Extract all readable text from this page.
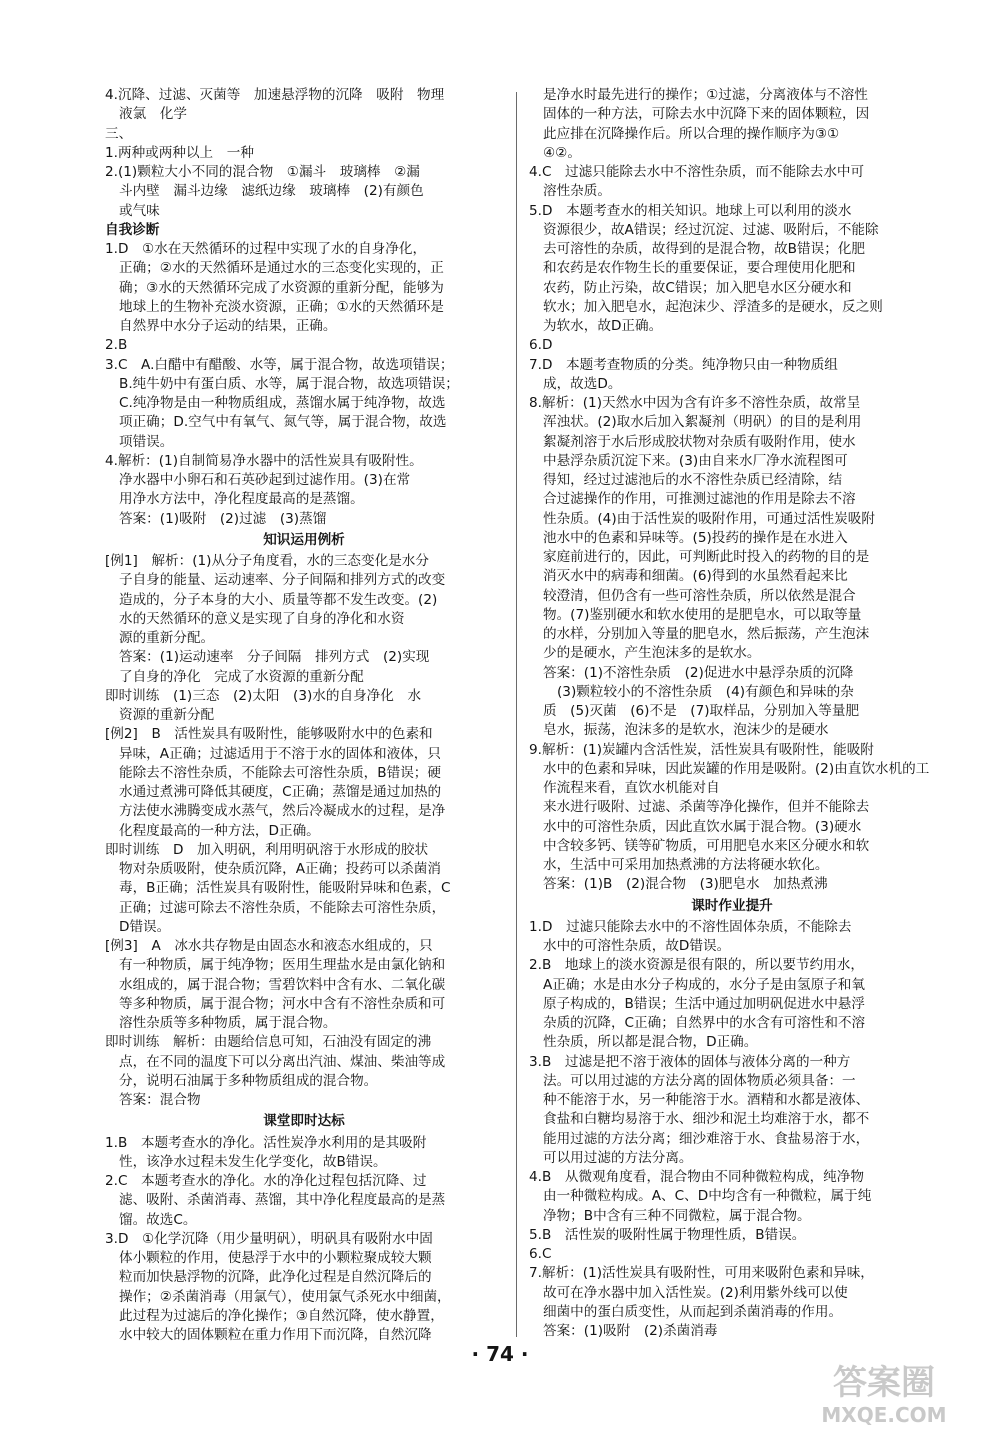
4.沉降、过滤、灭菌等　加速悬浮物的沉降　吸附　物理
液氯　化学
三、
1.两种或两种以上　一种
2.(1)颗粒大小不同的混合物　①漏斗　玻璃棒　②漏
斗内壁　漏斗边缘　滤纸边缘　玻璃棒　(2)有颜色
或气味
自我诊断
1.D　①水在天然循环的过程中实现了水的自身净化，
正确；②水的天然循环是通过水的三态变化实现的，正
确；③水的天然循环完成了水资源的重新分配，能够为
地球上的生物补充淡水资源，正确；①水的天然循环是
自然界中水分子运动的结果，正确。
2.B
3.C　A.白醋中有醋酸、水等，属于混合物，故选项错误；
B.纯牛奶中有蛋白质、水等，属于混合物，故选项错误；
C.纯净物是由一种物质组成，蒸馏水属于纯净物，故选
项正确；D.空气中有氧气、氮气等，属于混合物，故选
项错误。
4.解析：(1)自制简易净水器中的活性炭具有吸附性。
净水器中小卵石和石英砂起到过滤作用。(3)在常
用净水方法中，净化程度最高的是蒸馏。
答案：(1)吸附　(2)过滤　(3)蒸馏
知识运用例析
[例1]　解析：(1)从分子角度看，水的三态变化是水分
子自身的能量、运动速率、分子间隔和排列方式的改变
造成的，分子本身的大小、质量等都不发生改变。(2)
水的天然循环的意义是实现了自身的净化和水资
源的重新分配。
答案：(1)运动速率　分子间隔　排列方式　(2)实现
了自身的净化　完成了水资源的重新分配
即时训练　(1)三态　(2)太阳　(3)水的自身净化　水
资源的重新分配
[例2]　B　活性炭具有吸附性，能够吸附水中的色素和
异味，A正确；过滤适用于不溶于水的固体和液体，只
能除去不溶性杂质，不能除去可溶性杂质，B错误；硬
水通过煮沸可降低其硬度，C正确；蒸馏是通过加热的
方法使水沸腾变成水蒸气，然后冷凝成水的过程，是净
化程度最高的一种方法，D正确。
即时训练　D　加入明矾，利用明矾溶于水形成的胶状
物对杂质吸附，使杂质沉降，A正确；投药可以杀菌消
毒，B正确；活性炭具有吸附性，能吸附异味和色素，C
正确；过滤可除去不溶性杂质，不能除去可溶性杂质，
D错误。
[例3]　A　冰水共存物是由固态水和液态水组成的，只
有一种物质，属于纯净物；医用生理盐水是由氯化钠和
水组成的，属于混合物；雪碧饮料中含有水、二氧化碳
等多种物质，属于混合物；河水中含有不溶性杂质和可
溶性杂质等多种物质，属于混合物。
即时训练　解析：由题给信息可知，石油没有固定的沸
点，在不同的温度下可以分离出汽油、煤油、柴油等成
分，说明石油属于多种物质组成的混合物。
答案：混合物
课堂即时达标
1.B　本题考查水的净化。活性炭净水利用的是其吸附
性，该净水过程未发生化学变化，故B错误。
2.C　本题考查水的净化。水的净化过程包括沉降、过
滤、吸附、杀菌消毒、蒸馏，其中净化程度最高的是蒸
馏。故选C。
3.D　①化学沉降（用少量明矾），明矾具有吸附水中固
体小颗粒的作用，使悬浮于水中的小颗粒聚成较大颗
粒而加快悬浮物的沉降，此净化过程是自然沉降后的
操作；②杀菌消毒（用氯气），使用氯气杀死水中细菌，
此过程为过滤后的净化操作；③自然沉降，使水静置，
水中较大的固体颗粒在重力作用下而沉降，自然沉降
是净水时最先进行的操作；①过滤，分离液体与不溶性
固体的一种方法，可除去水中沉降下来的固体颗粒，因
此应排在沉降操作后。所以合理的操作顺序为③①
④②。
4.C　过滤只能除去水中不溶性杂质，而不能除去水中可
溶性杂质。
5.D　本题考查水的相关知识。地球上可以利用的淡水
资源很少，故A错误；经过沉淀、过滤、吸附后，不能除
去可溶性的杂质，故得到的是混合物，故B错误；化肥
和农药是农作物生长的重要保证，要合理使用化肥和
农药，防止污染，故C错误；加入肥皂水区分硬水和
软水；加入肥皂水，起泡沫少、浮渣多的是硬水，反之则
为软水，故D正确。
6.D
7.D　本题考查物质的分类。纯净物只由一种物质组
成，故选D。
8.解析：(1)天然水中因为含有许多不溶性杂质，故常呈
浑浊状。(2)取水后加入絮凝剂（明矾）的目的是利用
絮凝剂溶于水后形成胶状物对杂质有吸附作用，使水
中悬浮杂质沉淀下来。(3)由自来水厂净水流程图可
得知，经过过滤池后的水不溶性杂质已经清除，结
合过滤操作的作用，可推测过滤池的作用是除去不溶
性杂质。(4)由于活性炭的吸附作用，可通过活性炭吸附
池水中的色素和异味等。(5)投药的操作是在水进入
家庭前进行的，因此，可判断此时投入的药物的目的是
消灭水中的病毒和细菌。(6)得到的水虽然看起来比
较澄清，但仍含有一些可溶性杂质，所以依然是混合
物。(7)鉴别硬水和软水使用的是肥皂水，可以取等量
的水样，分别加入等量的肥皂水，然后振荡，产生泡沫
少的是硬水，产生泡沫多的是软水。
答案：(1)不溶性杂质　(2)促进水中悬浮杂质的沉降
(3)颗粒较小的不溶性杂质　(4)有颜色和异味的杂
质　(5)灭菌　(6)不是　(7)取样品，分别加入等量肥
皂水，振荡，泡沫多的是软水，泡沫少的是硬水
9.解析：(1)炭罐内含活性炭，活性炭具有吸附性，能吸附
水中的色素和异味，因此炭罐的作用是吸附。(2)由直饮水机的工作流程来看，直饮水机能对自
来水进行吸附、过滤、杀菌等净化操作，但并不能除去
水中的可溶性杂质，因此直饮水属于混合物。(3)硬水
中含较多钙、镁等矿物质，可用肥皂水来区分硬水和软
水，生活中可采用加热煮沸的方法将硬水软化。
答案：(1)B　(2)混合物　(3)肥皂水　加热煮沸
课时作业提升
1.D　过滤只能除去水中的不溶性固体杂质，不能除去
水中的可溶性杂质，故D错误。
2.B　地球上的淡水资源是很有限的，所以要节约用水，
A正确；水是由水分子构成的，水分子是由氢原子和氧
原子构成的，B错误；生活中通过加明矾促进水中悬浮
杂质的沉降，C正确；自然界中的水含有可溶性和不溶
性杂质，所以都是混合物，D正确。
3.B　过滤是把不溶于液体的固体与液体分离的一种方
法。可以用过滤的方法分离的固体物质必须具备：一
种不能溶于水，另一种能溶于水。酒精和水都是液体、
食盐和白糖均易溶于水、细沙和泥土均难溶于水，都不
能用过滤的方法分离；细沙难溶于水、食盐易溶于水，
可以用过滤的方法分离。
4.B　从微观角度看，混合物由不同种微粒构成，纯净物
由一种微粒构成。A、C、D中均含有一种微粒，属于纯
净物；B中含有三种不同微粒，属于混合物。
5.B　活性炭的吸附性属于物理性质，B错误。
6.C
7.解析：(1)活性炭具有吸附性，可用来吸附色素和异味，
故可在净水器中加入活性炭。(2)利用紫外线可以使
细菌中的蛋白质变性，从而起到杀菌消毒的作用。
答案：(1)吸附　(2)杀菌消毒
· 74 ·
答案圈
MXQE.COM
